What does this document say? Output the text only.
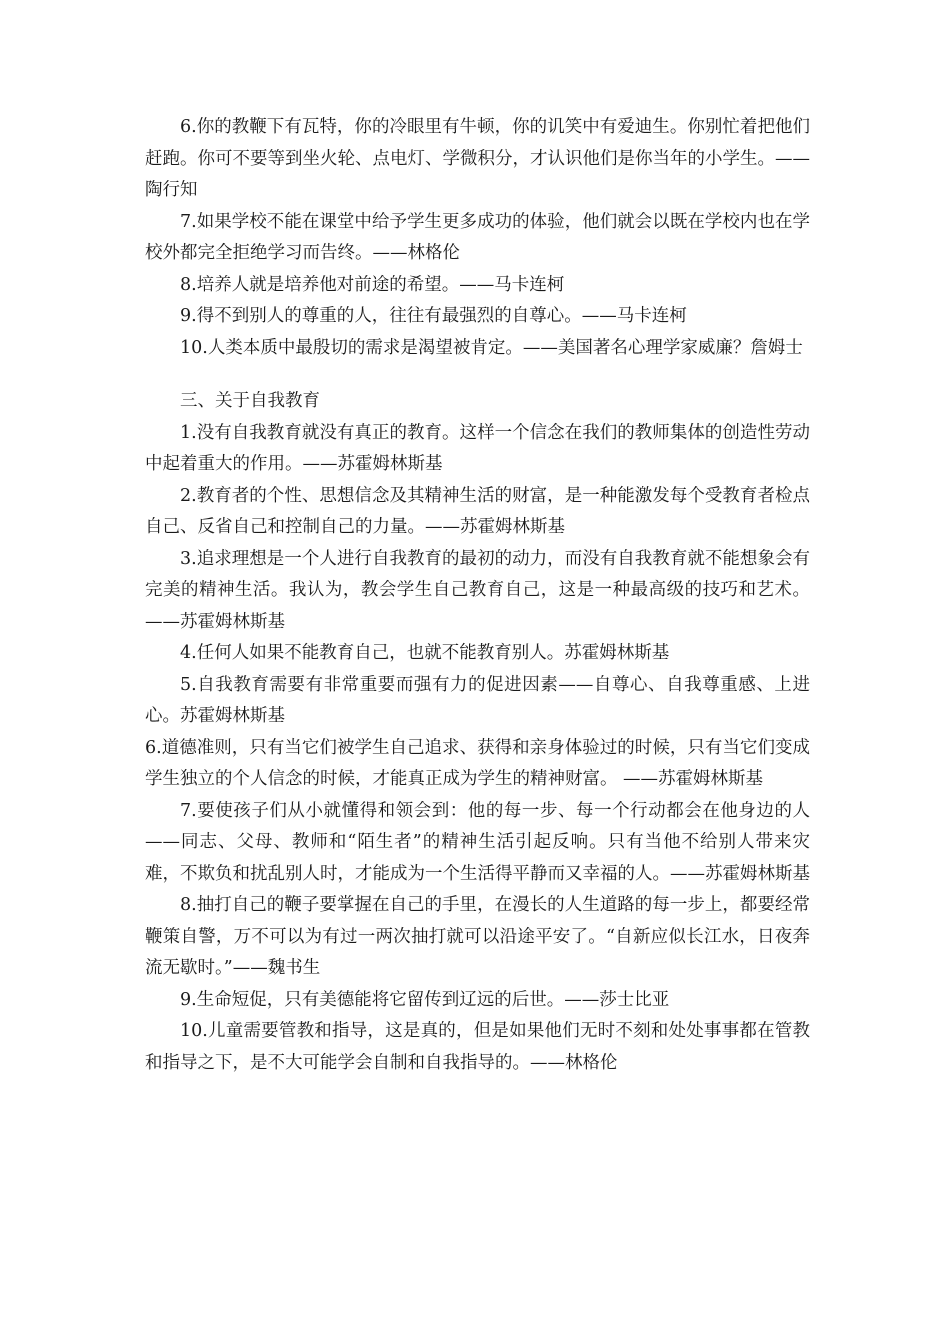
6.你的教鞭下有瓦特，你的冷眼里有牛顿，你的讥笑中有爱迪生。你别忙着把他们赶跑。你可不要等到坐火轮、点电灯、学微积分，才认识他们是你当年的小学生。——陶行知

7.如果学校不能在课堂中给予学生更多成功的体验，他们就会以既在学校内也在学校外都完全拒绝学习而告终。——林格伦

8.培养人就是培养他对前途的希望。——马卡连柯

9.得不到别人的尊重的人，往往有最强烈的自尊心。——马卡连柯

10.人类本质中最殷切的需求是渴望被肯定。——美国著名心理学家威廉？詹姆士

三、关于自我教育

1.没有自我教育就没有真正的教育。这样一个信念在我们的教师集体的创造性劳动中起着重大的作用。——苏霍姆林斯基

2.教育者的个性、思想信念及其精神生活的财富，是一种能激发每个受教育者检点自己、反省自己和控制自己的力量。——苏霍姆林斯基

3.追求理想是一个人进行自我教育的最初的动力，而没有自我教育就不能想象会有完美的精神生活。我认为，教会学生自己教育自己，这是一种最高级的技巧和艺术。——苏霍姆林斯基

4.任何人如果不能教育自己，也就不能教育别人。苏霍姆林斯基

5.自我教育需要有非常重要而强有力的促进因素——自尊心、自我尊重感、上进心。苏霍姆林斯基

6.道德准则，只有当它们被学生自己追求、获得和亲身体验过的时候，只有当它们变成学生独立的个人信念的时候，才能真正成为学生的精神财富。 ——苏霍姆林斯基

7.要使孩子们从小就懂得和领会到：他的每一步、每一个行动都会在他身边的人——同志、父母、教师和“陌生者”的精神生活引起反响。只有当他不给别人带来灾难，不欺负和扰乱别人时，才能成为一个生活得平静而又幸福的人。——苏霍姆林斯基

8.抽打自己的鞭子要掌握在自己的手里，在漫长的人生道路的每一步上，都要经常鞭策自警，万不可以为有过一两次抽打就可以沿途平安了。“自新应似长江水，日夜奔流无歇时。”——魏书生

9.生命短促，只有美德能将它留传到辽远的后世。——莎士比亚

10.儿童需要管教和指导，这是真的，但是如果他们无时不刻和处处事事都在管教和指导之下，是不大可能学会自制和自我指导的。——林格伦
